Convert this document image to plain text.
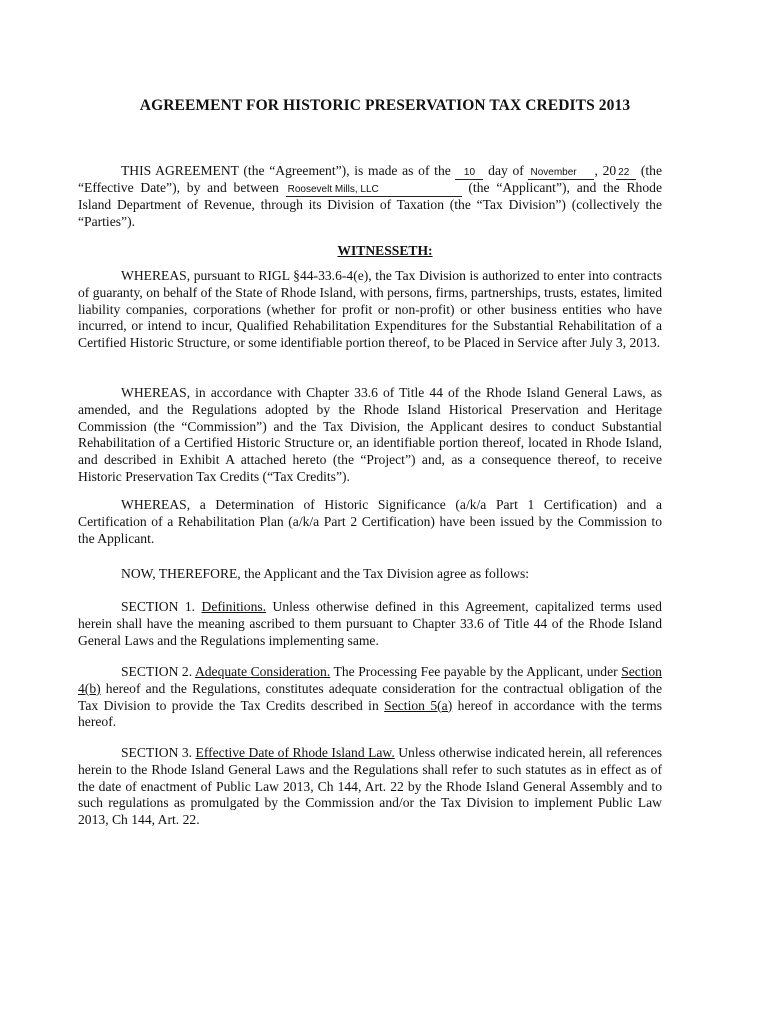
AGREEMENT FOR HISTORIC PRESERVATION TAX CREDITS 2013

THIS AGREEMENT (the “Agreement”), is made as of the 10 day of November , 20 22 (the “Effective Date”), by and between Roosevelt Mills, LLC	(the “Applicant”), and the Rhode Island Department of Revenue, through its Division of Taxation (the “Tax Division”) (collectively the “Parties”).

WITNESSETH:

WHEREAS, pursuant to RIGL §44-33.6-4(e), the Tax Division is authorized to enter into contracts of guaranty, on behalf of the State of Rhode Island, with persons, firms, partnerships, trusts, estates, limited liability companies, corporations (whether for profit or non-profit) or other business entities who have incurred, or intend to incur, Qualified Rehabilitation Expenditures for the Substantial Rehabilitation of a Certified Historic Structure, or some identifiable portion thereof, to be Placed in Service after July 3, 2013.

WHEREAS, in accordance with Chapter 33.6 of Title 44 of the Rhode Island General Laws, as amended, and the Regulations adopted by the Rhode Island Historical Preservation and Heritage Commission (the “Commission”) and the Tax Division, the Applicant desires to conduct Substantial Rehabilitation of a Certified Historic Structure or, an identifiable portion thereof, located in Rhode Island, and described in Exhibit A attached hereto (the “Project”) and, as a consequence thereof, to receive Historic Preservation Tax Credits (“Tax Credits”).

WHEREAS, a Determination of Historic Significance (a/k/a Part 1 Certification) and a Certification of a Rehabilitation Plan (a/k/a Part 2 Certification) have been issued by the Commission to the Applicant.

NOW, THEREFORE, the Applicant and the Tax Division agree as follows:

SECTION 1. Definitions. Unless otherwise defined in this Agreement, capitalized terms used herein shall have the meaning ascribed to them pursuant to Chapter 33.6 of Title 44 of the Rhode Island General Laws and the Regulations implementing same.

SECTION 2. Adequate Consideration. The Processing Fee payable by the Applicant, under Section 4(b) hereof and the Regulations, constitutes adequate consideration for the contractual obligation of the Tax Division to provide the Tax Credits described in Section 5(a) hereof in accordance with the terms hereof.

SECTION 3. Effective Date of Rhode Island Law. Unless otherwise indicated herein, all references herein to the Rhode Island General Laws and the Regulations shall refer to such statutes as in effect as of the date of enactment of Public Law 2013, Ch 144, Art. 22 by the Rhode Island General Assembly and to such regulations as promulgated by the Commission and/or the Tax Division to implement Public Law 2013, Ch 144, Art. 22.
